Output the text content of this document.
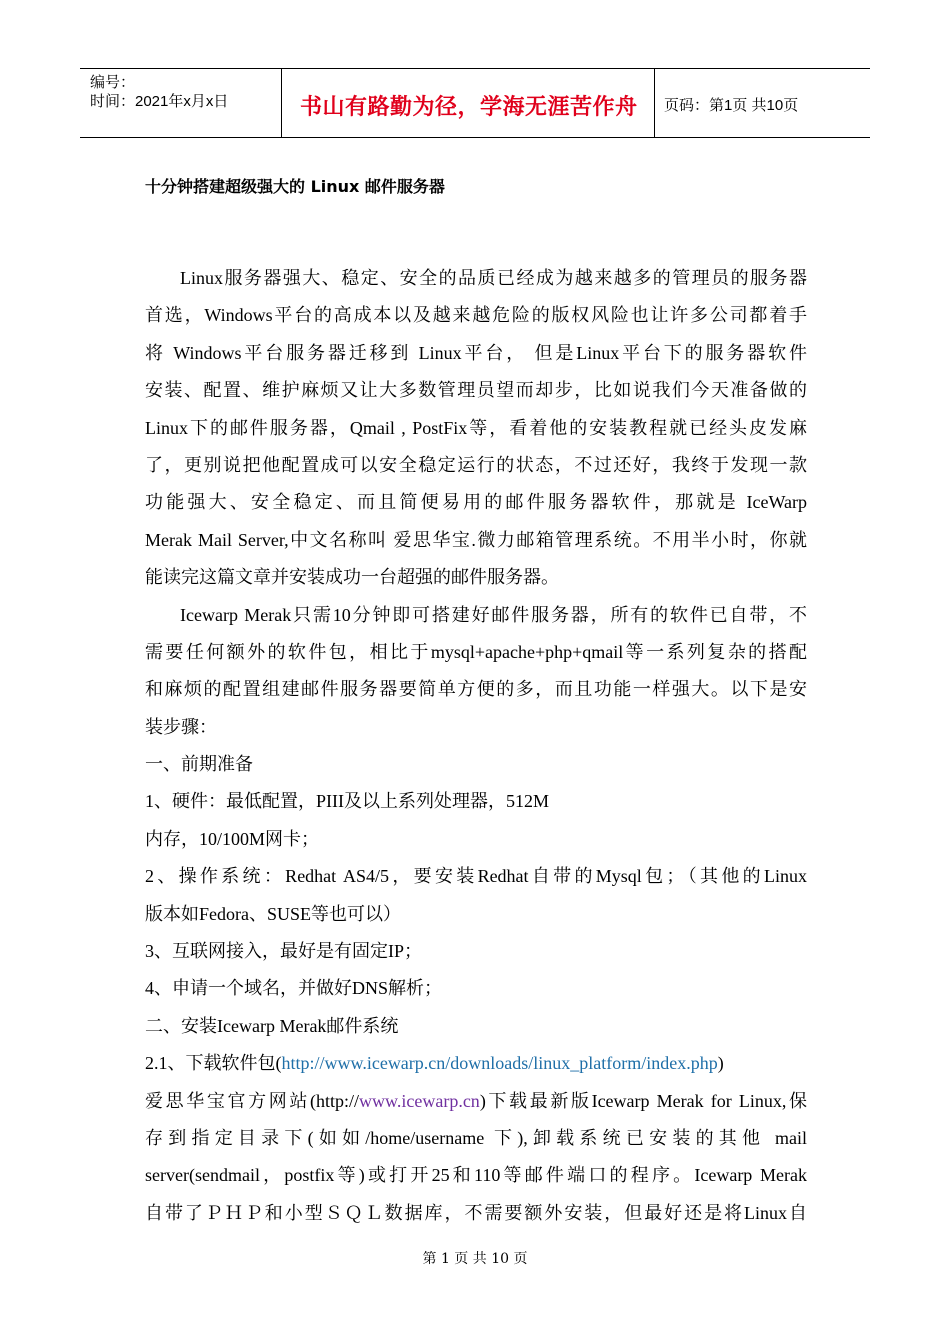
编号：
时间：2021年x月x日	书山有路勤为径，学海无涯苦作舟 页码：第1页 共10页
十分钟搭建超级强大的 Linux 邮件服务器
Linux服务器强大、稳定、安全的品质已经成为越来越多的管理员的服务器
首选，Windows平台的高成本以及越来越危险的版权风险也让许多公司都着手
将 Windows平台服务器迁移到 Linux平台， 但是Linux平台下的服务器软件
安装、配置、维护麻烦又让大多数管理员望而却步，比如说我们今天准备做的
Linux下的邮件服务器，Qmail , PostFix等，看着他的安装教程就已经头皮发麻
了，更别说把他配置成可以安全稳定运行的状态，不过还好，我终于发现一款
功能强大、安全稳定、而且简便易用的邮件服务器软件，那就是 IceWarp
Merak Mail Server,中文名称叫 爱思华宝.微力邮箱管理系统。不用半小时，你就
能读完这篇文章并安装成功一台超强的邮件服务器。
Icewarp Merak只需10分钟即可搭建好邮件服务器，所有的软件已自带，不
需要任何额外的软件包，相比于mysql+apache+php+qmail等一系列复杂的搭配
和麻烦的配置组建邮件服务器要简单方便的多，而且功能一样强大。以下是安
装步骤：
一、前期准备
1、硬件：最低配置，PIII及以上系列处理器，512M
内存，10/100M网卡；
2、操作系统：Redhat AS4/5，要安装Redhat自带的Mysql包；（其他的Linux
版本如Fedora、SUSE等也可以）
3、互联网接入，最好是有固定IP；
4、申请一个域名，并做好DNS解析；
二、安装Icewarp Merak邮件系统
2.1、下载软件包(http://www.icewarp.cn/downloads/linux_platform/index.php)
爱思华宝官方网站(http://www.icewarp.cn)下载最新版Icewarp Merak for Linux,保
存到指定目录下(如如/home/username 下),卸载系统已安装的其他 mail
server(sendmail，postfix等)或打开25和110等邮件端口的程序。Icewarp Merak
自带了ＰＨＰ和小型ＳＱＬ数据库，不需要额外安装，但最好还是将Linux自
第 1 页 共 10 页
